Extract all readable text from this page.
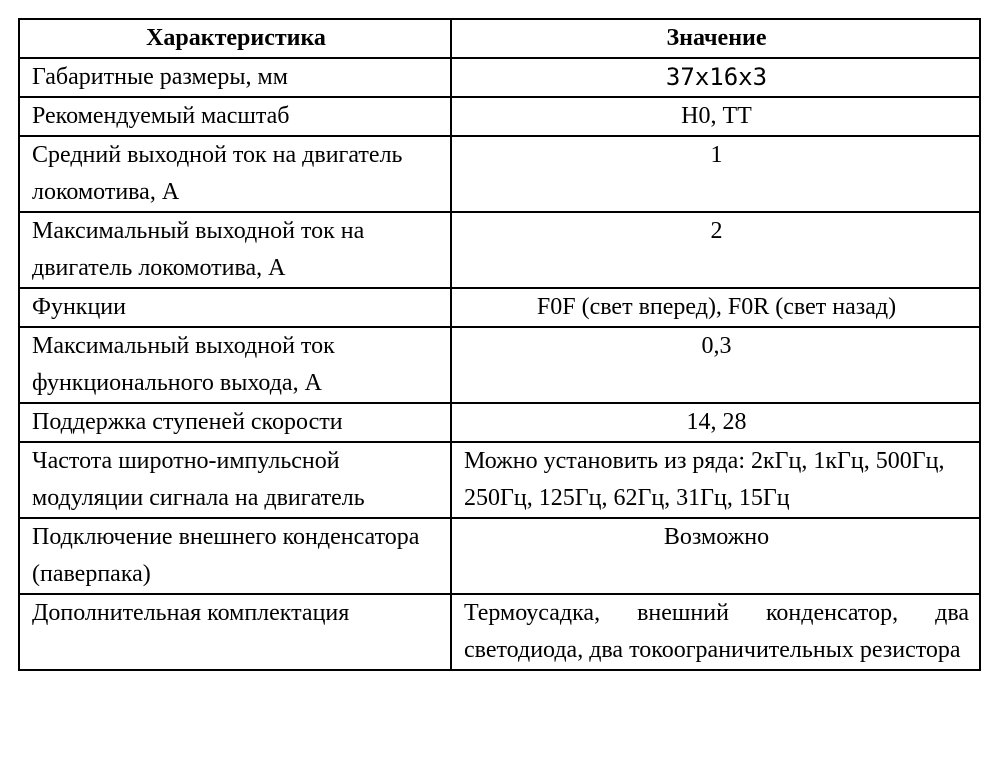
Характеристика	Значение
Габаритные размеры, мм	37х16х3
Рекомендуемый масштаб	Н0, ТТ
Средний выходной ток на двигатель локомотива, А	1
Максимальный выходной ток на двигатель локомотива, А	2
Функции	F0F (свет вперед), F0R (свет назад)
Максимальный выходной ток функционального выхода, А	0,3
Поддержка ступеней скорости	14, 28
Частота широтно-импульсной модуляции сигнала на двигатель	Можно установить из ряда: 2кГц, 1кГц, 500Гц, 250Гц, 125Гц, 62Гц, 31Гц, 15Гц
Подключение внешнего конденсатора (паверпака)	Возможно
Дополнительная комплектация	Термоусадка, внешний конденсатор, два светодиода, два токоограничительных резистора
